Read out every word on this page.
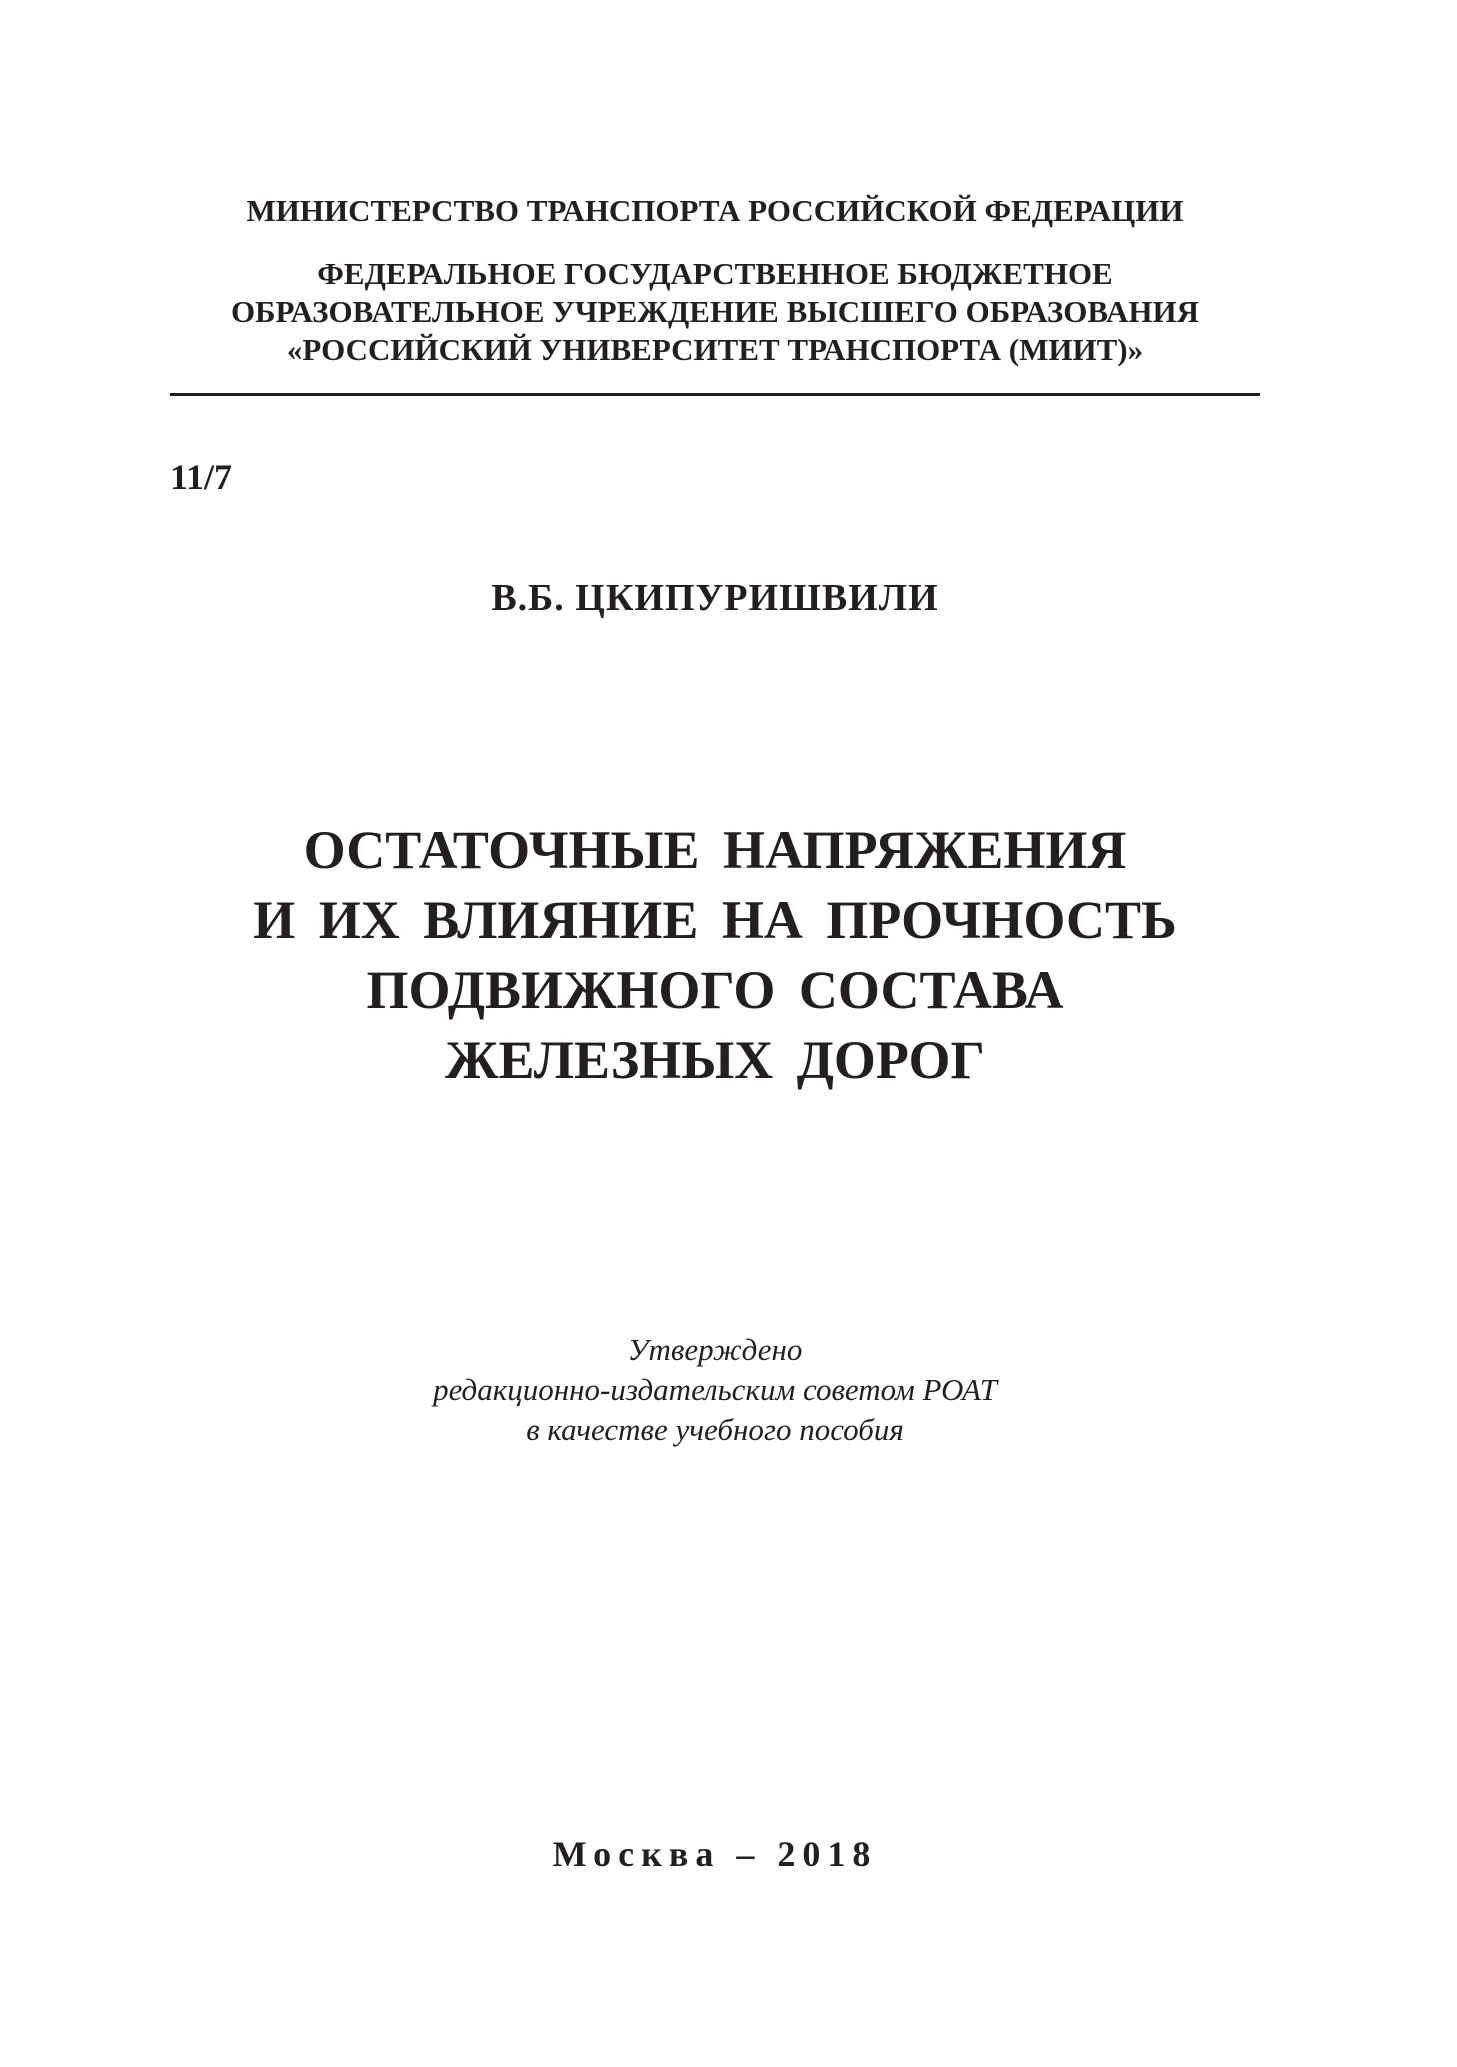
МИНИСТЕРСТВО ТРАНСПОРТА РОССИЙСКОЙ ФЕДЕРАЦИИ
ФЕДЕРАЛЬНОЕ ГОСУДАРСТВЕННОЕ БЮДЖЕТНОЕ
ОБРАЗОВАТЕЛЬНОЕ УЧРЕЖДЕНИЕ ВЫСШЕГО ОБРАЗОВАНИЯ
«РОССИЙСКИЙ УНИВЕРСИТЕТ ТРАНСПОРТА (МИИТ)»
11/7
В.Б. ЦКИПУРИШВИЛИ
ОСТАТОЧНЫЕ НАПРЯЖЕНИЯ
И ИХ ВЛИЯНИЕ НА ПРОЧНОСТЬ
ПОДВИЖНОГО СОСТАВА
ЖЕЛЕЗНЫХ ДОРОГ
Утверждено
редакционно-издательским советом РОАТ
в качестве учебного пособия
Москва – 2018
